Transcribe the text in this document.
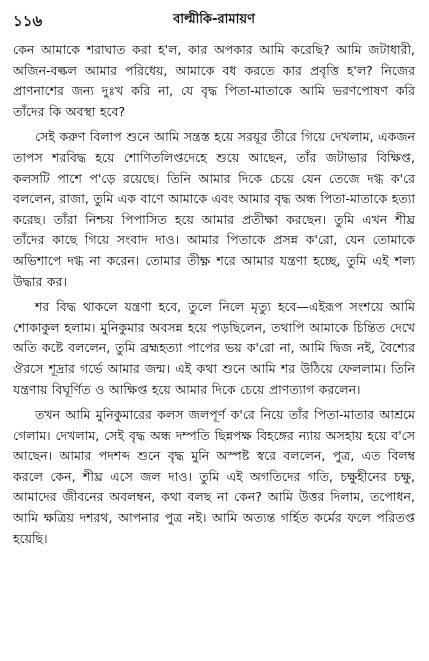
১১৬	বাল্মীকি-রামায়ণ

কেন আমাকে শরাঘাত করা হ'ল, কার অপকার আমি করেছি? আমি জটাধারী, অজিন-বল্কল আমার পরিধেয়, আমাকে বধ করতে কার প্রবৃত্তি হ'ল? নিজের প্রাণনাশের জন্য দুঃখ করি না, যে বৃদ্ধ পিতা-মাতাকে আমি ভরণপোষণ করি তাঁদের কি অবস্থা হবে?

সেই করুণ বিলাপ শুনে আমি সন্ত্রস্ত হয়ে সরয়ূর তীরে গিয়ে দেখলাম, একজন তাপস শরবিদ্ধ হয়ে শোণিতলিপ্তদেহে শুয়ে আছেন, তাঁর জটাভার বিক্ষিপ্ত, কলসটি পাশে প'ড়ে রয়েছে। তিনি আমার দিকে চেয়ে যেন তেজে দগ্ধ ক'রে বললেন, রাজা, তুমি এক বাণে আমাকে এবং আমার বৃদ্ধ অন্ধ পিতা-মাতাকে হত্যা করেছ। তাঁরা নিশ্চয় পিপাসিত হয়ে আমার প্রতীক্ষা করছেন। তুমি এখন শীঘ্র তাঁদের কাছে গিয়ে সংবাদ দাও। আমার পিতাকে প্রসন্ন ক'রো, যেন তোমাকে অভিশাপে দগ্ধ না করেন। তোমার তীক্ষ্ণ শরে আমার যন্ত্রণা হচ্ছে, তুমি এই শল্য উদ্ধার কর।

শর বিদ্ধ থাকলে যন্ত্রণা হবে, তুলে নিলে মৃত্যু হবে—এইরূপ সংশয়ে আমি শোকাকুল হলাম। মুনিকুমার অবসন্ন হয়ে পড়ছিলেন, তথাপি আমাকে চিন্তিত দেখে অতি কষ্টে বললেন, তুমি ব্রহ্মহত্যা পাপের ভয় ক'রো না, আমি দ্বিজ নই, বৈশ্যের ঔরসে শূদ্রার গর্ভে আমার জন্ম। এই কথা শুনে আমি শর উঠিয়ে ফেললাম। তিনি যন্ত্রণায় বিঘূর্ণিত ও আক্ষিপ্ত হয়ে আমার দিকে চেয়ে প্রাণত্যাগ করলেন।

তখন আমি মুনিকুমারের কলস জলপূর্ণ ক'রে নিয়ে তাঁর পিতা-মাতার আশ্রমে গেলাম। দেখলাম, সেই বৃদ্ধ অন্ধ দম্পতি ছিন্নপক্ষ বিহঙ্গের ন্যায় অসহায় হয়ে ব'সে আছেন। আমার পদশব্দ শুনে বৃদ্ধ মুনি অস্পষ্ট স্বরে বললেন, পুত্র, এত বিলম্ব করলে কেন, শীঘ্র এসে জল দাও। তুমি এই অগতিদের গতি, চক্ষুহীনের চক্ষু, আমাদের জীবনের অবলম্বন, কথা বলছ না কেন? আমি উত্তর দিলাম, তপোধন, আমি ক্ষত্রিয় দশরথ, আপনার পুত্র নই। আমি অত্যন্ত গর্হিত কর্মের ফলে পরিতপ্ত হয়েছি।
